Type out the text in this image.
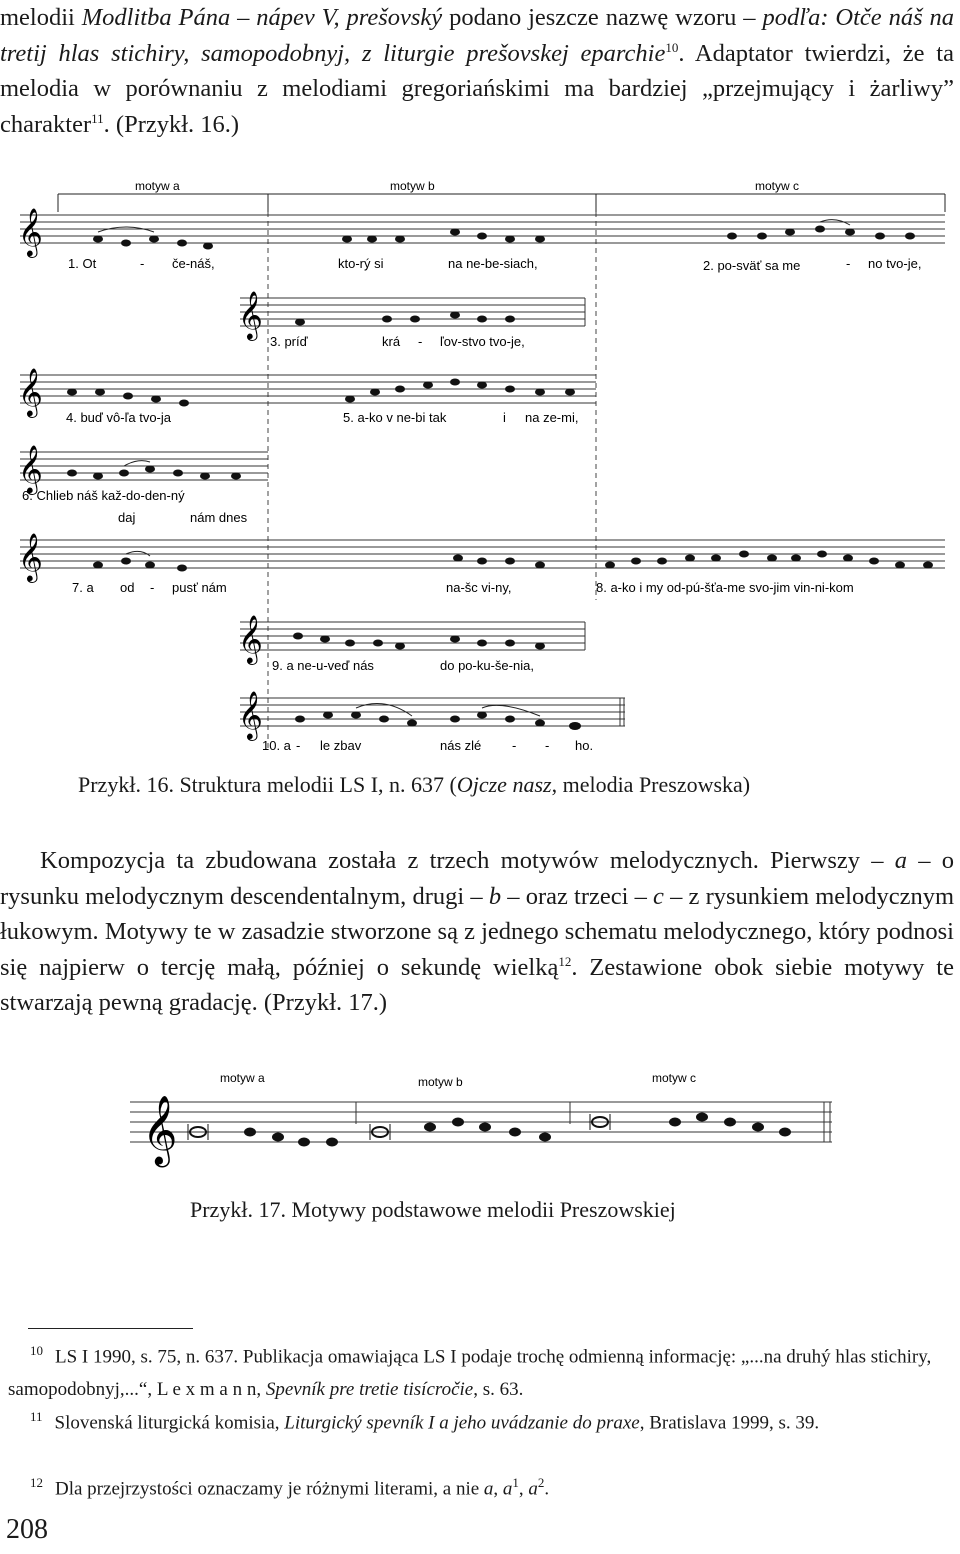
melodii Modlitba Pána – nápev V, prešovský podano jeszcze nazwę wzoru – podľa: Otče náš na tretij hlas stichiry, samopodobnyj, z liturgie prešovskej eparchie$^{10}$. Adaptator twierdzi, że ta melodia w porównaniu z melodiami gregoriańskimi ma bardziej „przejmujący i żarliwy” charakter$^{11}$. (Przykł. 16.)
motyw a	motyw b	motyw c
𝄞
1. Ot	- če-náš,	kto-rý si	na ne-be-siach,	2. po-sväť sa me	- no tvo-je,
𝄞
3. príď	krá - ľov-stvo tvo-je,
𝄞
4. buď vô-ľa tvo-ja	5. a-ko v ne-bi tak	i na ze-mi,
𝄞
6. Chlieb náš kaž-do-den-ný
daj	nám dnes
𝄞
7. a od - pusť nám	na-šc vi-ny,	8. a-ko i my od-pú-šťa-me svo-jim vin-ni-kom
𝄞
9. a ne-u-veď nás	do po-ku-še-nia,
𝄞
10. a - le zbav	nás zlé - - ho.
Przykł. 16. Struktura melodii LS I, n. 637 (Ojcze nasz, melodia Preszowska)
Kompozycja ta zbudowana została z trzech motywów melodycznych. Pierwszy – a – o rysunku melodycznym descendentalnym, drugi – b – oraz trzeci – c – z rysunkiem melodycznym łukowym. Motywy te w zasadzie stworzone są z jednego schematu melodycznego, który podnosi się najpierw o tercję małą, później o sekundę wielką$^{12}$. Zestawione obok siebie motywy te stwarzają pewną gradację. (Przykł. 17.)
motyw a	motyw b	motyw c
𝄞
Przykł. 17. Motywy podstawowe melodii Preszowskiej
$^{10}$ LS I 1990, s. 75, n. 637. Publikacja omawiająca LS I podaje trochę odmienną informację: „...na druhý hlas stichiry, samopodobnyj,...“, L e x m a n n, Spevník pre tretie tisícročie, s. 63.
$^{11}$ Slovenská liturgická komisia, Liturgický spevník I a jeho uvádzanie do praxe, Bratislava 1999, s. 39.
$^{12}$ Dla przejrzystości oznaczamy je różnymi literami, a nie a, $a^1$, $a^2$.
208
